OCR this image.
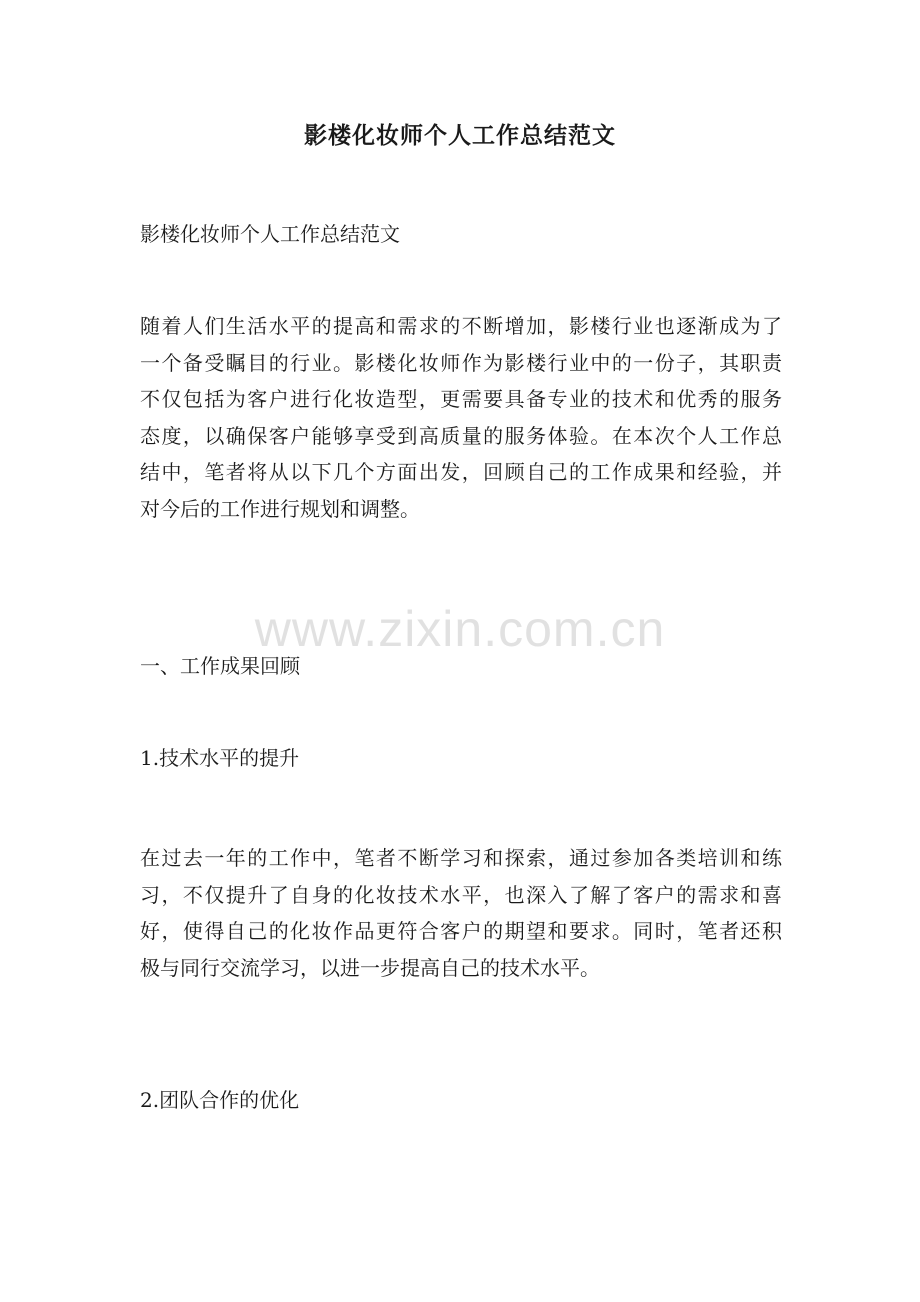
影楼化妆师个人工作总结范文
影楼化妆师个人工作总结范文
随着人们生活水平的提高和需求的不断增加，影楼行业也逐渐成为了
一个备受瞩目的行业。影楼化妆师作为影楼行业中的一份子，其职责
不仅包括为客户进行化妆造型，更需要具备专业的技术和优秀的服务
态度，以确保客户能够享受到高质量的服务体验。在本次个人工作总
结中，笔者将从以下几个方面出发，回顾自己的工作成果和经验，并
对今后的工作进行规划和调整。
一、工作成果回顾
1.技术水平的提升
在过去一年的工作中，笔者不断学习和探索，通过参加各类培训和练
习，不仅提升了自身的化妆技术水平，也深入了解了客户的需求和喜
好，使得自己的化妆作品更符合客户的期望和要求。同时，笔者还积
极与同行交流学习，以进一步提高自己的技术水平。
2.团队合作的优化
www.zixin.com.cn
